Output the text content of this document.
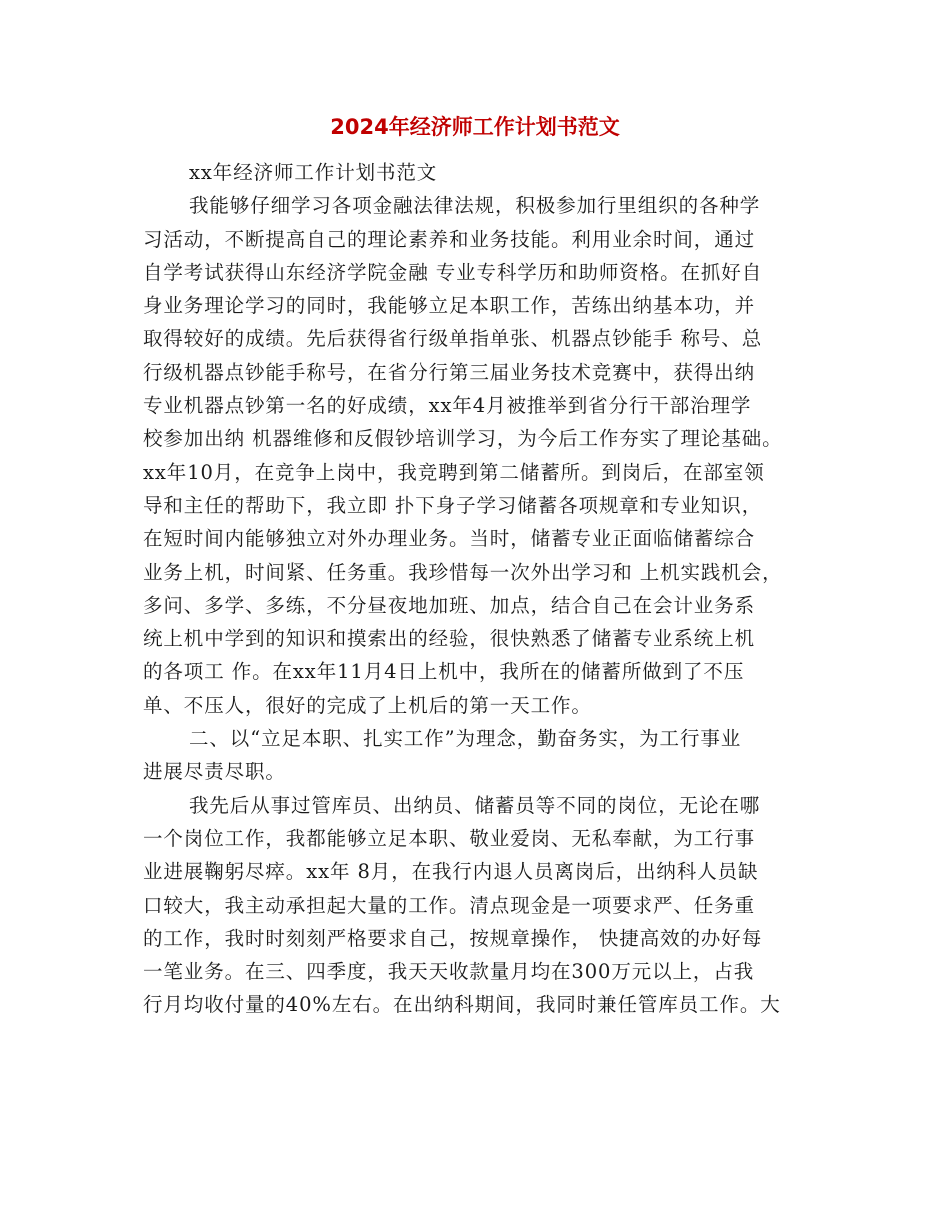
2024年经济师工作计划书范文
xx年经济师工作计划书范文
我能够仔细学习各项金融法律法规，积极参加行里组织的各种学
习活动，不断提高自己的理论素养和业务技能。利用业余时间，通过
自学考试获得山东经济学院金融 专业专科学历和助师资格。在抓好自
身业务理论学习的同时，我能够立足本职工作，苦练出纳基本功，并
取得较好的成绩。先后获得省行级单指单张、机器点钞能手 称号、总
行级机器点钞能手称号，在省分行第三届业务技术竞赛中，获得出纳
专业机器点钞第一名的好成绩，xx年4月被推举到省分行干部治理学
校参加出纳 机器维修和反假钞培训学习，为今后工作夯实了理论基础。
xx年10月，在竞争上岗中，我竞聘到第二储蓄所。到岗后，在部室领
导和主任的帮助下，我立即 扑下身子学习储蓄各项规章和专业知识，
在短时间内能够独立对外办理业务。当时，储蓄专业正面临储蓄综合
业务上机，时间紧、任务重。我珍惜每一次外出学习和 上机实践机会，
多问、多学、多练，不分昼夜地加班、加点，结合自己在会计业务系
统上机中学到的知识和摸索出的经验，很快熟悉了储蓄专业系统上机
的各项工 作。在xx年11月4日上机中，我所在的储蓄所做到了不压
单、不压人，很好的完成了上机后的第一天工作。
二、以“立足本职、扎实工作”为理念，勤奋务实，为工行事业
进展尽责尽职。
我先后从事过管库员、出纳员、储蓄员等不同的岗位，无论在哪
一个岗位工作，我都能够立足本职、敬业爱岗、无私奉献，为工行事
业进展鞠躬尽瘁。xx年 8月，在我行内退人员离岗后，出纳科人员缺
口较大，我主动承担起大量的工作。清点现金是一项要求严、任务重
的工作，我时时刻刻严格要求自己，按规章操作， 快捷高效的办好每
一笔业务。在三、四季度，我天天收款量月均在300万元以上，占我
行月均收付量的40%左右。在出纳科期间，我同时兼任管库员工作。大
